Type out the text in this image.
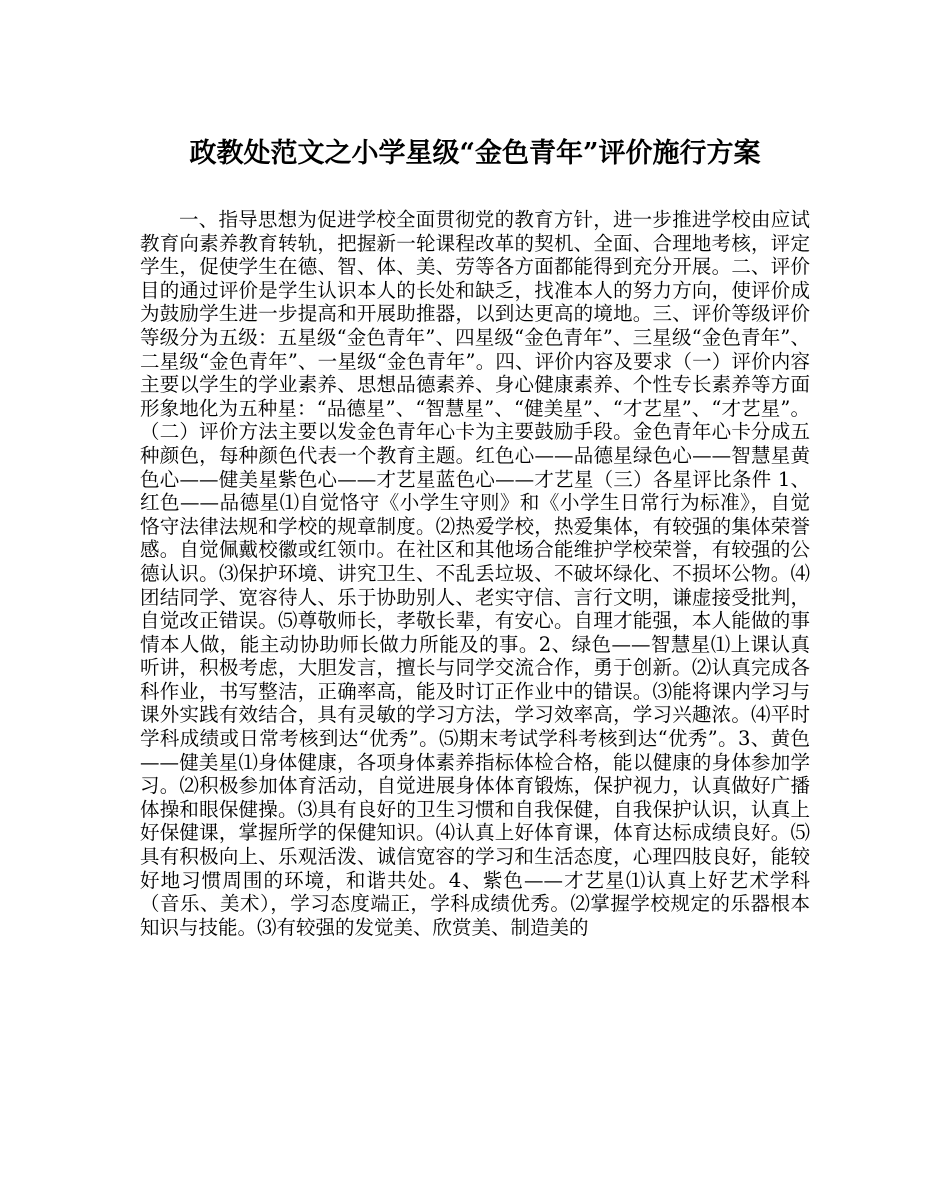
政教处范文之小学星级“金色青年”评价施行方案

一、指导思想为促进学校全面贯彻党的教育方针，进一步推进学校由应试教育向素养教育转轨，把握新一轮课程改革的契机、全面、合理地考核，评定学生，促使学生在德、智、体、美、劳等各方面都能得到充分开展。二、评价目的通过评价是学生认识本人的长处和缺乏，找准本人的努力方向，使评价成为鼓励学生进一步提高和开展助推器，以到达更高的境地。三、评价等级评价等级分为五级：五星级“金色青年”、四星级“金色青年”、三星级“金色青年”、二星级“金色青年”、一星级“金色青年”。四、评价内容及要求（一）评价内容主要以学生的学业素养、思想品德素养、身心健康素养、个性专长素养等方面形象地化为五种星：“品德星”、“智慧星”、“健美星”、“才艺星”、“才艺星”。（二）评价方法主要以发金色青年心卡为主要鼓励手段。金色青年心卡分成五种颜色，每种颜色代表一个教育主题。红色心——品德星绿色心——智慧星黄色心——健美星紫色心——才艺星蓝色心——才艺星（三）各星评比条件 1、红色——品德星⑴自觉恪守《小学生守则》和《小学生日常行为标准》，自觉恪守法律法规和学校的规章制度。⑵热爱学校，热爱集体，有较强的集体荣誉感。自觉佩戴校徽或红领巾。在社区和其他场合能维护学校荣誉，有较强的公德认识。⑶保护环境、讲究卫生、不乱丢垃圾、不破坏绿化、不损坏公物。⑷团结同学、宽容待人、乐于协助别人、老实守信、言行文明，谦虚接受批判，自觉改正错误。⑸尊敬师长，孝敬长辈，有安心。自理才能强，本人能做的事情本人做，能主动协助师长做力所能及的事。2、绿色——智慧星⑴上课认真听讲，积极考虑，大胆发言，擅长与同学交流合作，勇于创新。⑵认真完成各科作业，书写整洁，正确率高，能及时订正作业中的错误。⑶能将课内学习与课外实践有效结合，具有灵敏的学习方法，学习效率高，学习兴趣浓。⑷平时学科成绩或日常考核到达“优秀”。⑸期末考试学科考核到达“优秀”。3、黄色——健美星⑴身体健康，各项身体素养指标体检合格，能以健康的身体参加学习。⑵积极参加体育活动，自觉进展身体体育锻炼，保护视力，认真做好广播体操和眼保健操。⑶具有良好的卫生习惯和自我保健，自我保护认识，认真上好保健课，掌握所学的保健知识。⑷认真上好体育课，体育达标成绩良好。⑸具有积极向上、乐观活泼、诚信宽容的学习和生活态度，心理四肢良好，能较好地习惯周围的环境，和谐共处。4、紫色——才艺星⑴认真上好艺术学科（音乐、美术），学习态度端正，学科成绩优秀。⑵掌握学校规定的乐器根本知识与技能。⑶有较强的发觉美、欣赏美、制造美的
